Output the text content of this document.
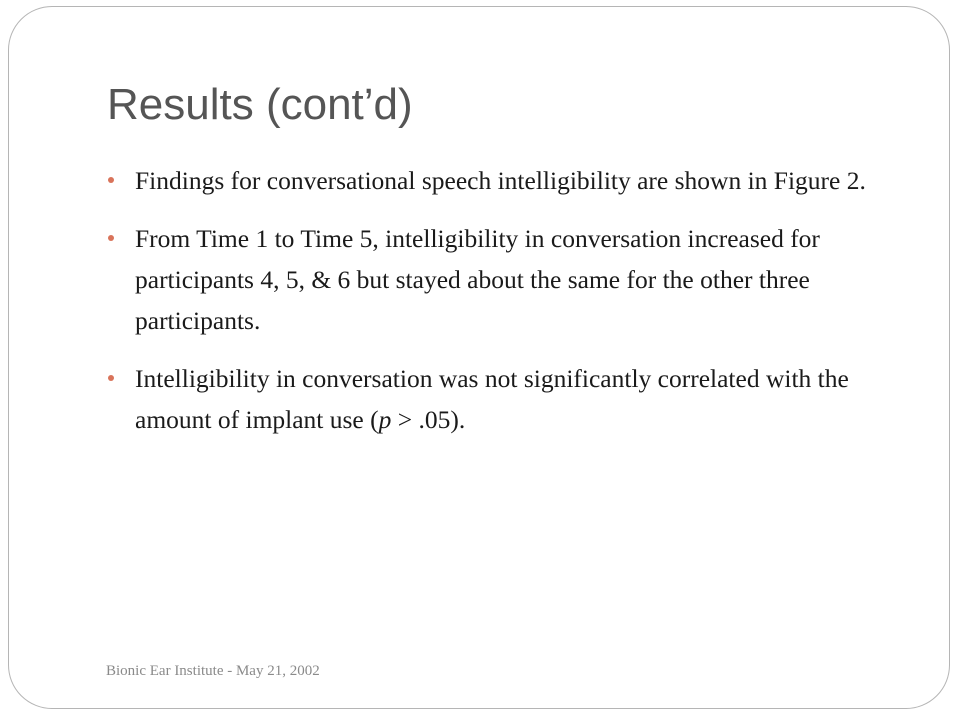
Results (cont’d)
Findings for conversational speech intelligibility are shown in Figure 2.
From Time 1 to Time 5, intelligibility in conversation increased for participants 4, 5, & 6 but stayed about the same for the other three participants.
Intelligibility in conversation was not significantly correlated with the amount of implant use (p > .05).
Bionic Ear Institute - May 21, 2002
